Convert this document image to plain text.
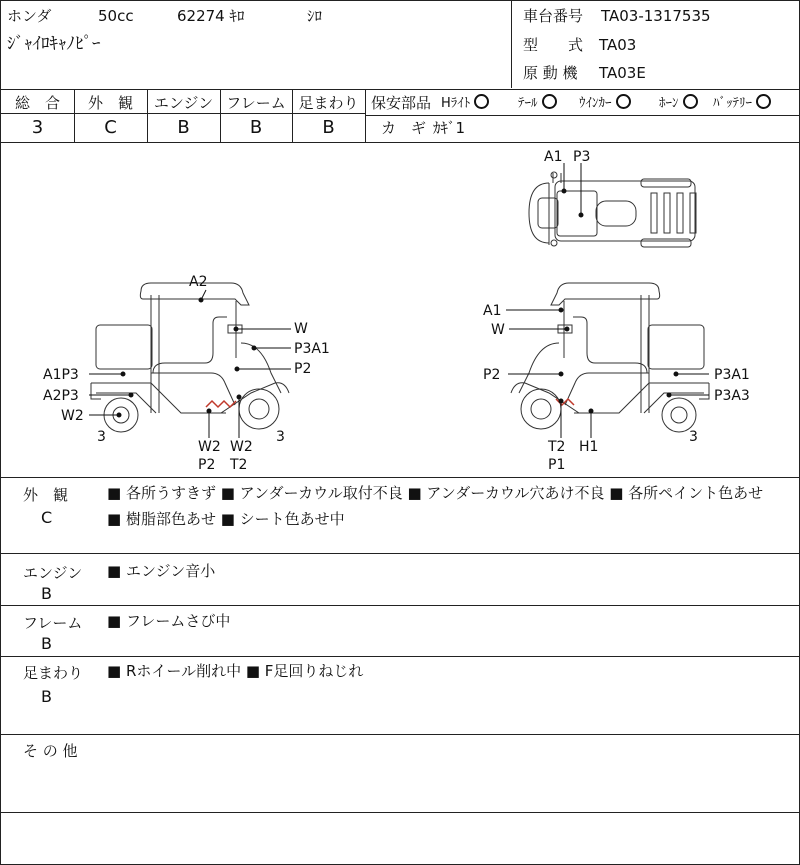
ホンダ	50cc	62274 ｷﾛ	ｼﾛ
ｼﾞｬｲﾛｷｬﾉﾋﾟｰ
車台番号 TA03-1317535
型　　式 TA03
原 動 機 TA03E
総　合	外　観	エンジン フレーム 足まわり
3	C	B	B	B
保安部品 Hﾗｲﾄ	ﾃｰﾙ	ｳｲﾝｶｰ	ﾎｰﾝ	ﾊﾞｯﾃﾘｰ
カ　ギ ｶｷﾞ1
A1 P3
A2
W
P3A1
P2
A1P3
A2P3
W2
3
W2
P2
W2
T2
3
A1
W
P2	P3A1
P3A3
3
T2 H1
P1
外　観
C
■ 各所うすきず ■ アンダーカウル取付不良 ■ アンダーカウル穴あけ不良 ■ 各所ペイント色あせ ■ 樹脂部色あせ ■ シート色あせ中
エンジン
B
■ エンジン音小
フレーム
B
■ フレームさび中
足まわり
B
■ Rホイール削れ中 ■ F足回りねじれ
そ の 他
